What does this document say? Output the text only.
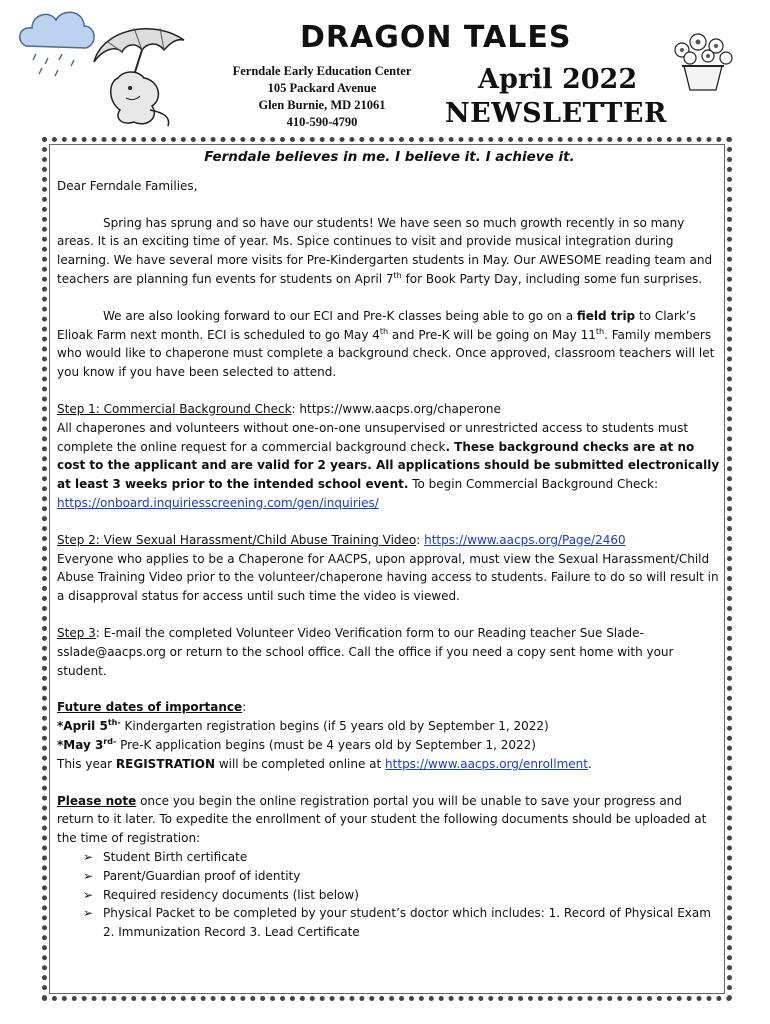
DRAGON TALES
Ferndale Early Education Center
105 Packard Avenue
Glen Burnie, MD 21061
410-590-4790
April 2022
NEWSLETTER
Ferndale believes in me. I believe it. I achieve it.

Dear Ferndale Families,

Spring has sprung and so have our students! We have seen so much growth recently in so many areas. It is an exciting time of year. Ms. Spice continues to visit and provide musical integration during learning. We have several more visits for Pre-Kindergarten students in May. Our AWESOME reading team and teachers are planning fun events for students on April 7th for Book Party Day, including some fun surprises.

We are also looking forward to our ECI and Pre-K classes being able to go on a field trip to Clark’s Elioak Farm next month. ECI is scheduled to go May 4th and Pre-K will be going on May 11th. Family members who would like to chaperone must complete a background check. Once approved, classroom teachers will let you know if you have been selected to attend.

Step 1: Commercial Background Check: https://www.aacps.org/chaperone
All chaperones and volunteers without one-on-one unsupervised or unrestricted access to students must complete the online request for a commercial background check. These background checks are at no cost to the applicant and are valid for 2 years. All applications should be submitted electronically at least 3 weeks prior to the intended school event. To begin Commercial Background Check:
https://onboard.inquiriesscreening.com/gen/inquiries/

Step 2: View Sexual Harassment/Child Abuse Training Video: https://www.aacps.org/Page/2460
Everyone who applies to be a Chaperone for AACPS, upon approval, must view the Sexual Harassment/Child Abuse Training Video prior to the volunteer/chaperone having access to students. Failure to do so will result in a disapproval status for access until such time the video is viewed.

Step 3: E-mail the completed Volunteer Video Verification form to our Reading teacher Sue Slade-sslade@aacps.org or return to the school office. Call the office if you need a copy sent home with your student.

Future dates of importance:
*April $5^{th-}$ Kindergarten registration begins (if 5 years old by September 1, 2022)
*May $3^{rd-}$ Pre-K application begins (must be 4 years old by September 1, 2022)
This year REGISTRATION will be completed online at https://www.aacps.org/enrollment.

Please note once you begin the online registration portal you will be unable to save your progress and return to it later. To expedite the enrollment of your student the following documents should be uploaded at the time of registration:
➢ Student Birth certificate
➢ Parent/Guardian proof of identity
➢ Required residency documents (list below)
➢ Physical Packet to be completed by your student’s doctor which includes: 1. Record of Physical Exam 2. Immunization Record 3. Lead Certificate
